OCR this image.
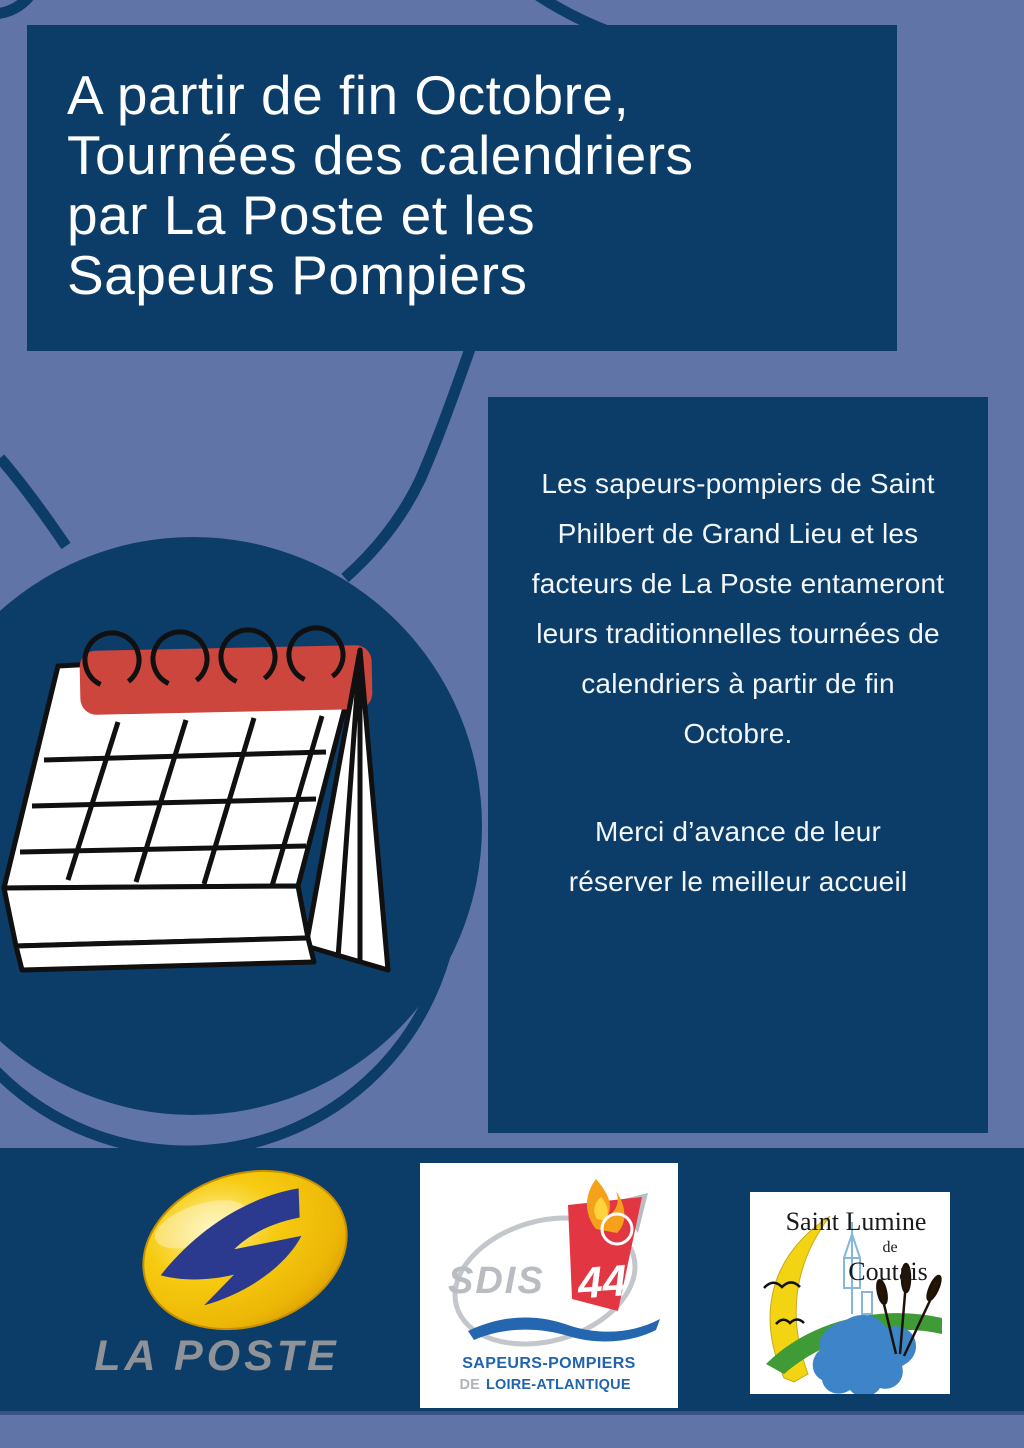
A partir de fin Octobre,
Tournées des calendriers
par La Poste et les
Sapeurs Pompiers

Les sapeurs-pompiers de Saint Philbert de Grand Lieu et les facteurs de La Poste entameront leurs traditionnelles tournées de calendriers à partir de fin Octobre.

Merci d’avance de leur réserver le meilleur accueil

LA POSTE
SDIS 44
SAPEURS-POMPIERS
DE LOIRE-ATLANTIQUE
Saint Lumine
de
Coutais
